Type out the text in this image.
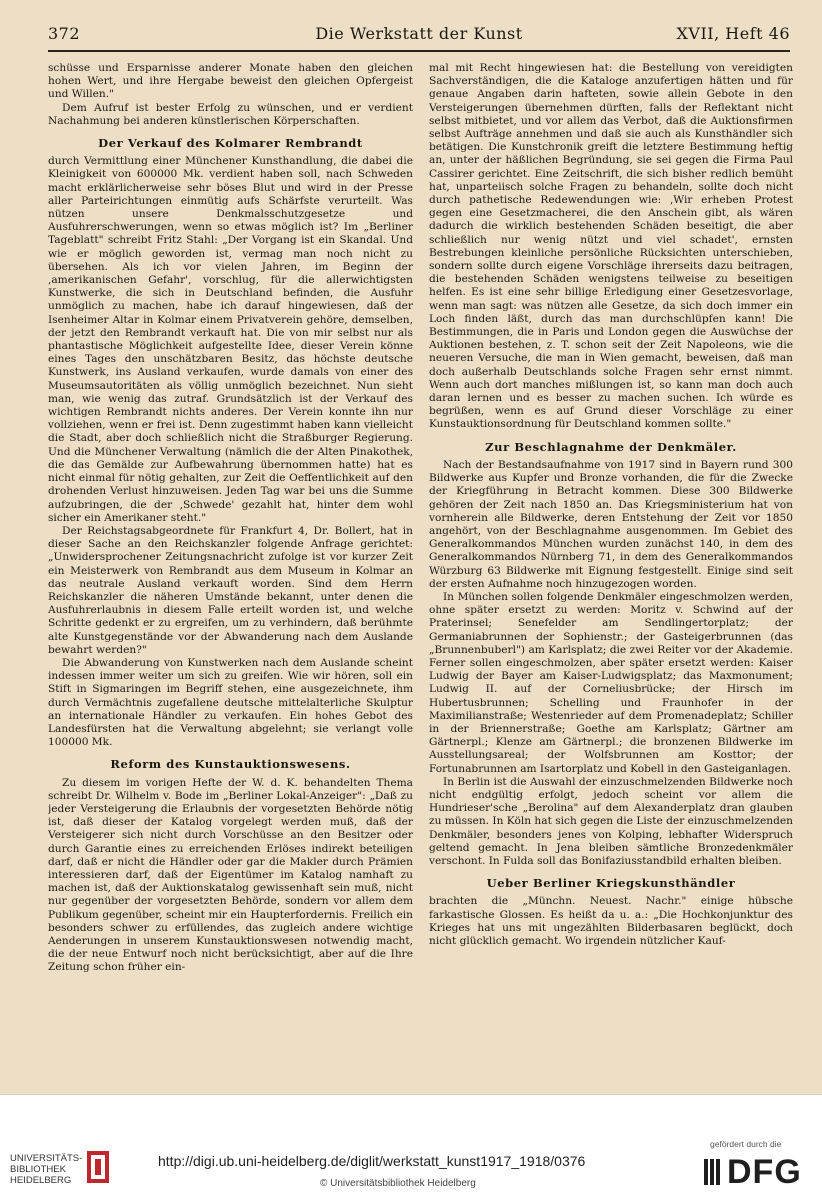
372	Die Werkstatt der Kunst	XVII, Heft 46

schüsse und Ersparnisse anderer Monate haben den gleichen hohen Wert, und ihre Hergabe beweist den gleichen Opfergeist und Willen."

Dem Aufruf ist bester Erfolg zu wünschen, und er verdient Nachahmung bei anderen künstlerischen Körperschaften.

Der Verkauf des Kolmarer Rembrandt

durch Vermittlung einer Münchener Kunsthandlung, die dabei die Kleinigkeit von 600000 Mk. verdient haben soll, nach Schweden macht erklärlicherweise sehr böses Blut und wird in der Presse aller Parteirichtungen einmütig aufs Schärfste verurteilt. Was nützen unsere Denkmalsschutzgesetze und Ausfuhrerschwerungen, wenn so etwas möglich ist? Im „Berliner Tageblatt" schreibt Fritz Stahl: „Der Vorgang ist ein Skandal. Und wie er möglich geworden ist, vermag man noch nicht zu übersehen. Als ich vor vielen Jahren, im Beginn der ‚amerikanischen Gefahr', vorschlug, für die allerwichtigsten Kunstwerke, die sich in Deutschland befinden, die Ausfuhr unmöglich zu machen, habe ich darauf hingewiesen, daß der Isenheimer Altar in Kolmar einem Privatverein gehöre, demselben, der jetzt den Rembrandt verkauft hat. Die von mir selbst nur als phantastische Möglichkeit aufgestellte Idee, dieser Verein könne eines Tages den unschätzbaren Besitz, das höchste deutsche Kunstwerk, ins Ausland verkaufen, wurde damals von einer des Museumsautoritäten als völlig unmöglich bezeichnet. Nun sieht man, wie wenig das zutraf. Grundsätzlich ist der Verkauf des wichtigen Rembrandt nichts anderes. Der Verein konnte ihn nur vollziehen, wenn er frei ist. Denn zugestimmt haben kann vielleicht die Stadt, aber doch schließlich nicht die Straßburger Regierung. Und die Münchener Verwaltung (nämlich die der Alten Pinakothek, die das Gemälde zur Aufbewahrung übernommen hatte) hat es nicht einmal für nötig gehalten, zur Zeit die Oeffentlichkeit auf den drohenden Verlust hinzuweisen. Jeden Tag war bei uns die Summe aufzubringen, die der ‚Schwede' gezahlt hat, hinter dem wohl sicher ein Amerikaner steht."

Der Reichstagsabgeordnete für Frankfurt 4, Dr. Bollert, hat in dieser Sache an den Reichskanzler folgende Anfrage gerichtet: „Unwidersprochener Zeitungsnachricht zufolge ist vor kurzer Zeit ein Meisterwerk von Rembrandt aus dem Museum in Kolmar an das neutrale Ausland verkauft worden. Sind dem Herrn Reichskanzler die näheren Umstände bekannt, unter denen die Ausfuhrerlaubnis in diesem Falle erteilt worden ist, und welche Schritte gedenkt er zu ergreifen, um zu verhindern, daß berühmte alte Kunstgegenstände vor der Abwanderung nach dem Auslande bewahrt werden?"

Die Abwanderung von Kunstwerken nach dem Auslande scheint indessen immer weiter um sich zu greifen. Wie wir hören, soll ein Stift in Sigmaringen im Begriff stehen, eine ausgezeichnete, ihm durch Vermächtnis zugefallene deutsche mittelalterliche Skulptur an internationale Händler zu verkaufen. Ein hohes Gebot des Landesfürsten hat die Verwaltung abgelehnt; sie verlangt volle 100000 Mk.

Reform des Kunstauktionswesens.

Zu diesem im vorigen Hefte der W. d. K. behandelten Thema schreibt Dr. Wilhelm v. Bode im „Berliner Lokal-Anzeiger": „Daß zu jeder Versteigerung die Erlaubnis der vorgesetzten Behörde nötig ist, daß dieser der Katalog vorgelegt werden muß, daß der Versteigerer sich nicht durch Vorschüsse an den Besitzer oder durch Garantie eines zu erreichenden Erlöses indirekt beteiligen darf, daß er nicht die Händler oder gar die Makler durch Prämien interessieren darf, daß der Eigentümer im Katalog namhaft zu machen ist, daß der Auktionskatalog gewissenhaft sein muß, nicht nur gegenüber der vorgesetzten Behörde, sondern vor allem dem Publikum gegenüber, scheint mir ein Haupterfordernis. Freilich ein besonders schwer zu erfüllendes, das zugleich andere wichtige Aenderungen in unserem Kunstauktionswesen notwendig macht, die der neue Entwurf noch nicht berücksichtigt, aber auf die Ihre Zeitung schon früher ein-

mal mit Recht hingewiesen hat: die Bestellung von vereidigten Sachverständigen, die die Kataloge anzufertigen hätten und für genaue Angaben darin hafteten, sowie allein Gebote in den Versteigerungen übernehmen dürften, falls der Reflektant nicht selbst mitbietet, und vor allem das Verbot, daß die Auktionsfirmen selbst Aufträge annehmen und daß sie auch als Kunsthändler sich betätigen. Die Kunstchronik greift die letztere Bestimmung heftig an, unter der häßlichen Begründung, sie sei gegen die Firma Paul Cassirer gerichtet. Eine Zeitschrift, die sich bisher redlich bemüht hat, unparteiisch solche Fragen zu behandeln, sollte doch nicht durch pathetische Redewendungen wie: ‚Wir erheben Protest gegen eine Gesetzmacherei, die den Anschein gibt, als wären dadurch die wirklich bestehenden Schäden beseitigt, die aber schließlich nur wenig nützt und viel schadet', ernsten Bestrebungen kleinliche persönliche Rücksichten unterschieben, sondern sollte durch eigene Vorschläge ihrerseits dazu beitragen, die bestehenden Schäden wenigstens teilweise zu beseitigen helfen. Es ist eine sehr billige Erledigung einer Gesetzesvorlage, wenn man sagt: was nützen alle Gesetze, da sich doch immer ein Loch finden läßt, durch das man durchschlüpfen kann! Die Bestimmungen, die in Paris und London gegen die Auswüchse der Auktionen bestehen, z. T. schon seit der Zeit Napoleons, wie die neueren Versuche, die man in Wien gemacht, beweisen, daß man doch außerhalb Deutschlands solche Fragen sehr ernst nimmt. Wenn auch dort manches mißlungen ist, so kann man doch auch daran lernen und es besser zu machen suchen. Ich würde es begrüßen, wenn es auf Grund dieser Vorschläge zu einer Kunstauktionsordnung für Deutschland kommen sollte."

Zur Beschlagnahme der Denkmäler.

Nach der Bestandsaufnahme von 1917 sind in Bayern rund 300 Bildwerke aus Kupfer und Bronze vorhanden, die für die Zwecke der Kriegführung in Betracht kommen. Diese 300 Bildwerke gehören der Zeit nach 1850 an. Das Kriegsministerium hat von vornherein alle Bildwerke, deren Entstehung der Zeit vor 1850 angehört, von der Beschlagnahme ausgenommen. Im Gebiet des Generalkommandos München wurden zunächst 140, in dem des Generalkommandos Nürnberg 71, in dem des Generalkommandos Würzburg 63 Bildwerke mit Eignung festgestellt. Einige sind seit der ersten Aufnahme noch hinzugezogen worden.

In München sollen folgende Denkmäler eingeschmolzen werden, ohne später ersetzt zu werden: Moritz v. Schwind auf der Praterinsel; Senefelder am Sendlingertorplatz; der Germaniabrunnen der Sophienstr.; der Gasteigerbrunnen (das „Brunnenbuberl") am Karlsplatz; die zwei Reiter vor der Akademie. Ferner sollen eingeschmolzen, aber später ersetzt werden: Kaiser Ludwig der Bayer am Kaiser-Ludwigsplatz; das Maxmonument; Ludwig II. auf der Corneliusbrücke; der Hirsch im Hubertusbrunnen; Schelling und Fraunhofer in der Maximilianstraße; Westenrieder auf dem Promenadeplatz; Schiller in der Briennerstraße; Goethe am Karlsplatz; Gärtner am Gärtnerpl.; Klenze am Gärtnerpl.; die bronzenen Bildwerke im Ausstellungsareal; der Wolfsbrunnen am Kosttor; der Fortunabrunnen am Isartorplatz und Kobell in den Gasteiganlagen.

In Berlin ist die Auswahl der einzuschmelzenden Bildwerke noch nicht endgültig erfolgt, jedoch scheint vor allem die Hundrieser'sche „Berolina" auf dem Alexanderplatz dran glauben zu müssen. In Köln hat sich gegen die Liste der einzuschmelzenden Denkmäler, besonders jenes von Kolping, lebhafter Widerspruch geltend gemacht. In Jena bleiben sämtliche Bronzedenkmäler verschont. In Fulda soll das Bonifaziusstandbild erhalten bleiben.

Ueber Berliner Kriegskunsthändler

brachten die „Münchn. Neuest. Nachr." einige hübsche farkastische Glossen. Es heißt da u. a.: „Die Hochkonjunktur des Krieges hat uns mit ungezählten Bilderbasaren beglückt, doch nicht glücklich gemacht. Wo irgendein nützlicher Kauf-

UNIVERSITÄTS-
BIBLIOTHEK
HEIDELBERG
http://digi.ub.uni-heidelberg.de/diglit/werkstatt_kunst1917_1918/0376
© Universitätsbibliothek Heidelberg
gefördert durch die
DFG
